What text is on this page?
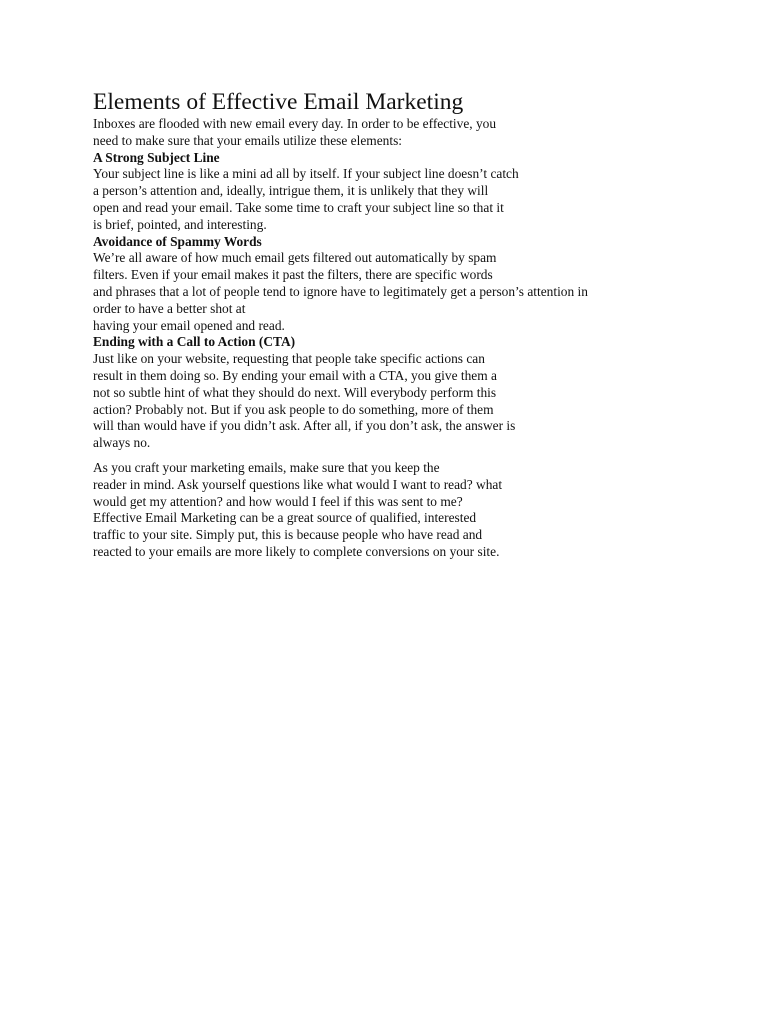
Elements of Effective Email Marketing
Inboxes are flooded with new email every day. In order to be effective, you
need to make sure that your emails utilize these elements:
A Strong Subject Line
Your subject line is like a mini ad all by itself. If your subject line doesn’t catch
a person’s attention and, ideally, intrigue them, it is unlikely that they will
open and read your email. Take some time to craft your subject line so that it
is brief, pointed, and interesting.
Avoidance of Spammy Words
We’re all aware of how much email gets filtered out automatically by spam
filters. Even if your email makes it past the filters, there are specific words
and phrases that a lot of people tend to ignore have to legitimately get a person’s attention in
order to have a better shot at
having your email opened and read.
Ending with a Call to Action (CTA)
Just like on your website, requesting that people take specific actions can
result in them doing so. By ending your email with a CTA, you give them a
not so subtle hint of what they should do next. Will everybody perform this
action? Probably not. But if you ask people to do something, more of them
will than would have if you didn’t ask. After all, if you don’t ask, the answer is
always no.
As you craft your marketing emails, make sure that you keep the
reader in mind. Ask yourself questions like what would I want to read? what
would get my attention? and how would I feel if this was sent to me?
Effective Email Marketing can be a great source of qualified, interested
traffic to your site. Simply put, this is because people who have read and
reacted to your emails are more likely to complete conversions on your site.
